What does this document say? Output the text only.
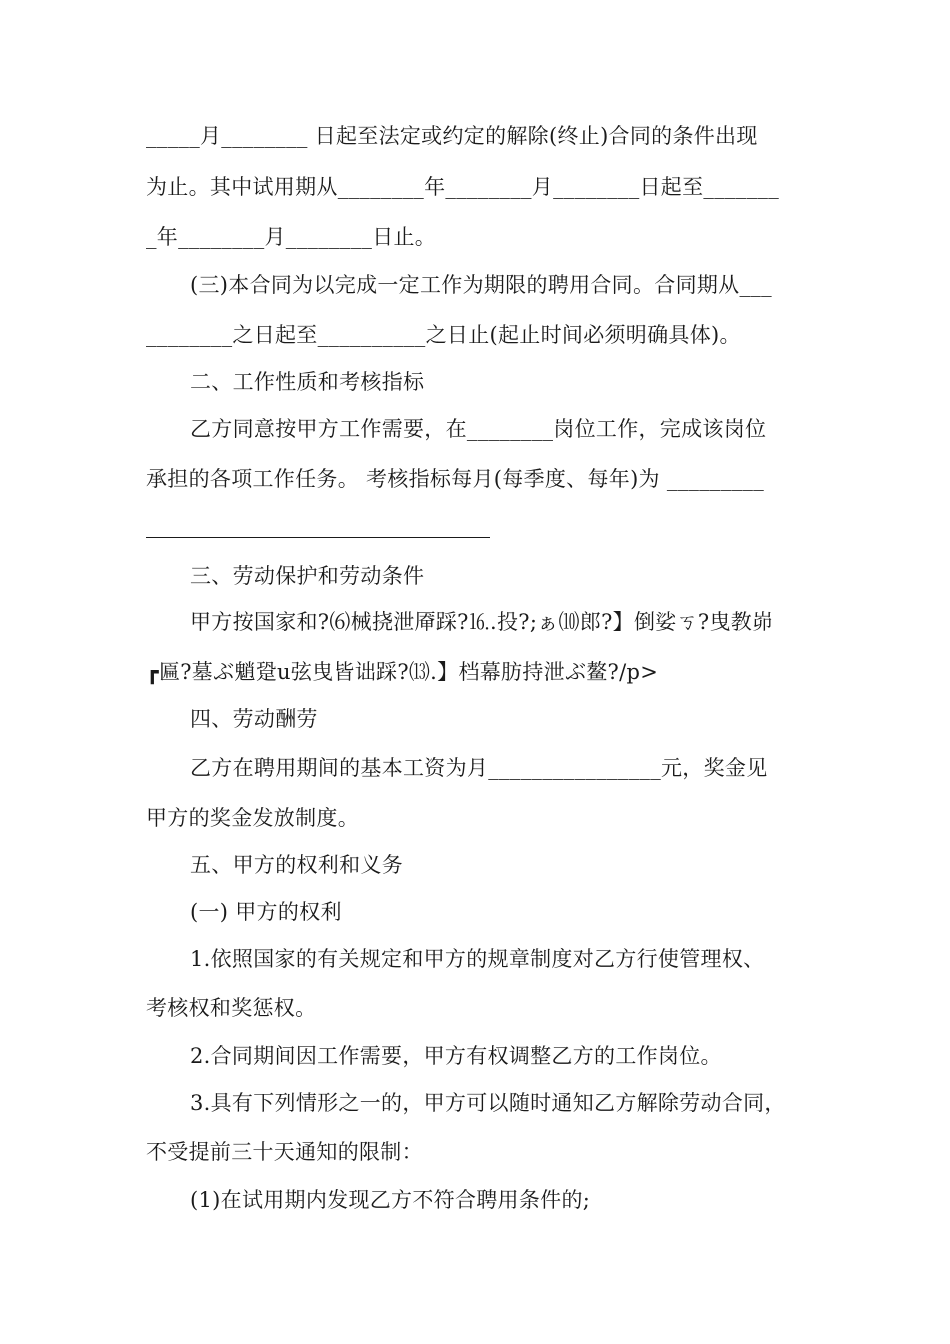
_____月________ 日起至法定或约定的解除(终止)合同的条件出现
为止。其中试用期从________年________月________日起至_______
_年________月________日止。
(三)本合同为以完成一定工作为期限的聘用合同。合同期从___
________之日起至__________之日止(起止时间必须明确具体)。
二、工作性质和考核指标
乙方同意按甲方工作需要，在________岗位工作，完成该岗位
承担的各项工作任务。 考核指标每月(每季度、每年)为 _________
三、劳动保护和劳动条件
甲方按国家和?⑹械挠泄厣踩?⒗.投?;ぁ⑽郎?】倒娑ㄎ?曳教峁
┏匾?墓ぶ魈跫u弦曳皆诎踩?⒀.】档幕肪持泄ぶ鳌?/p>
四、劳动酬劳
乙方在聘用期间的基本工资为月________________元，奖金见
甲方的奖金发放制度。
五、甲方的权利和义务
(一) 甲方的权利
1.依照国家的有关规定和甲方的规章制度对乙方行使管理权、
考核权和奖惩权。
2.合同期间因工作需要，甲方有权调整乙方的工作岗位。
3.具有下列情形之一的，甲方可以随时通知乙方解除劳动合同，
不受提前三十天通知的限制：
(1)在试用期内发现乙方不符合聘用条件的;
